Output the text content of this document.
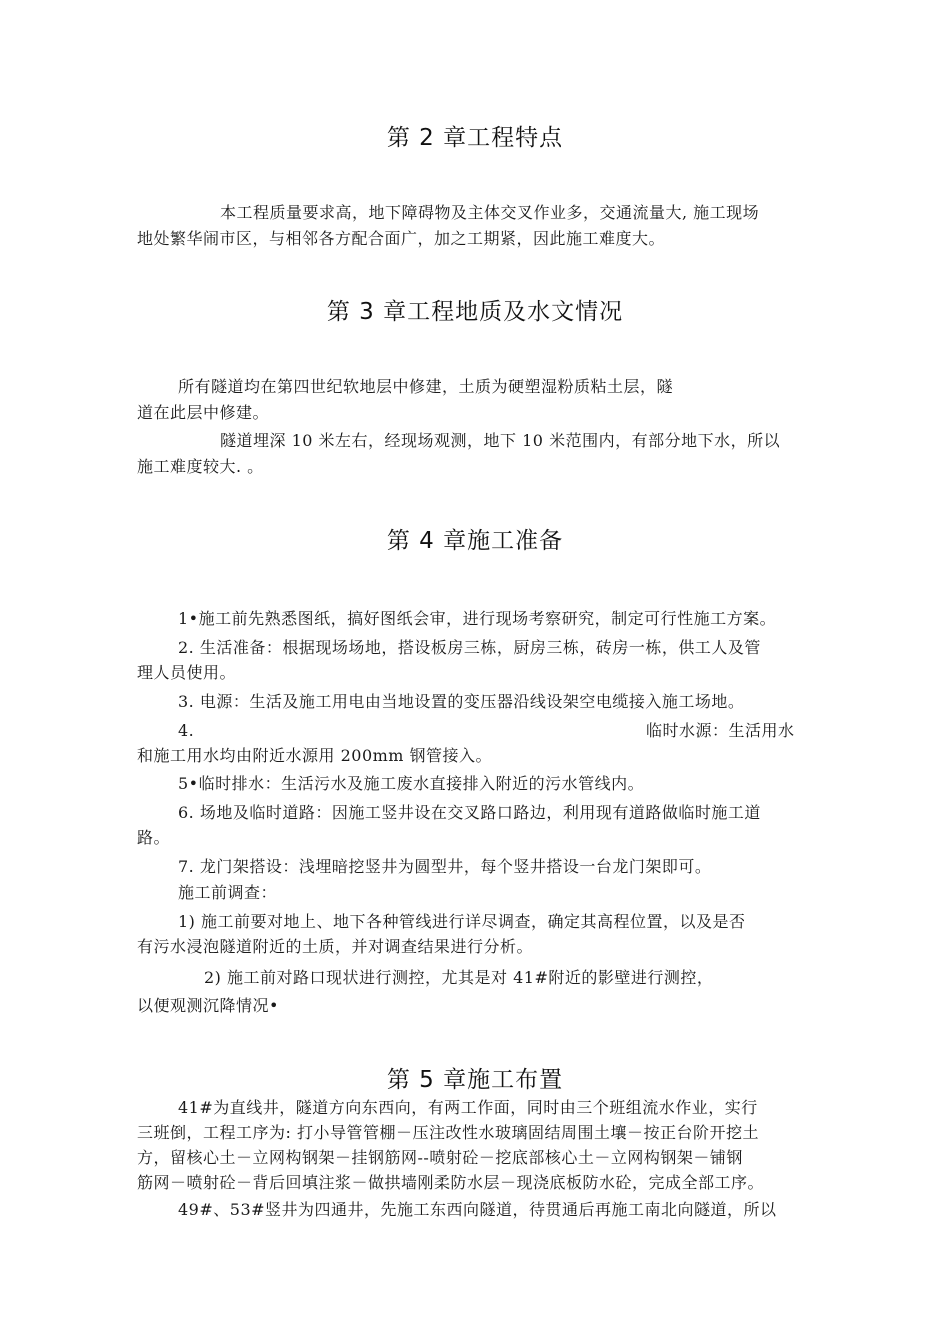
第 2 章工程特点
本工程质量要求高，地下障碍物及主体交叉作业多，交通流量大, 施工现场
地处繁华闹市区，与相邻各方配合面广，加之工期紧，因此施工难度大。
第 3 章工程地质及水文情况
所有隧道均在第四世纪软地层中修建，土质为硬塑湿粉质粘土层，隧
道在此层中修建。
隧道埋深 10 米左右，经现场观测，地下 10 米范围内，有部分地下水，所以
施工难度较大. 。
第 4 章施工准备
1•施工前先熟悉图纸，搞好图纸会审，进行现场考察研究，制定可行性施工方案。
2. 生活准备：根据现场场地，搭设板房三栋，厨房三栋，砖房一栋，供工人及管
理人员使用。
3. 电源：生活及施工用电由当地设置的变压器沿线设架空电缆接入施工场地。
4.	临时水源：生活用水
和施工用水均由附近水源用 200mm 钢管接入。
5•临时排水：生活污水及施工废水直接排入附近的污水管线内。
6. 场地及临时道路：因施工竖井设在交叉路口路边，利用现有道路做临时施工道
路。
7. 龙门架搭设：浅埋暗挖竖井为圆型井，每个竖井搭设一台龙门架即可。
施工前调查：
1) 施工前要对地上、地下各种管线进行详尽调查，确定其高程位置，以及是否
有污水浸泡隧道附近的土质，并对调查结果进行分析。
2) 施工前对路口现状进行测控，尤其是对 41#附近的影壁进行测控，
以便观测沉降情况•
第 5 章施工布置
41#为直线井，隧道方向东西向，有两工作面，同时由三个班组流水作业，实行
三班倒，工程工序为: 打小导管管棚－压注改性水玻璃固结周围土壤－按正台阶开挖土
方，留核心土－立网构钢架－挂钢筋网--喷射砼－挖底部核心土－立网构钢架－铺钢
筋网－喷射砼－背后回填注浆－做拱墙刚柔防水层－现浇底板防水砼，完成全部工序。
49#、53#竖井为四通井，先施工东西向隧道，待贯通后再施工南北向隧道，所以
